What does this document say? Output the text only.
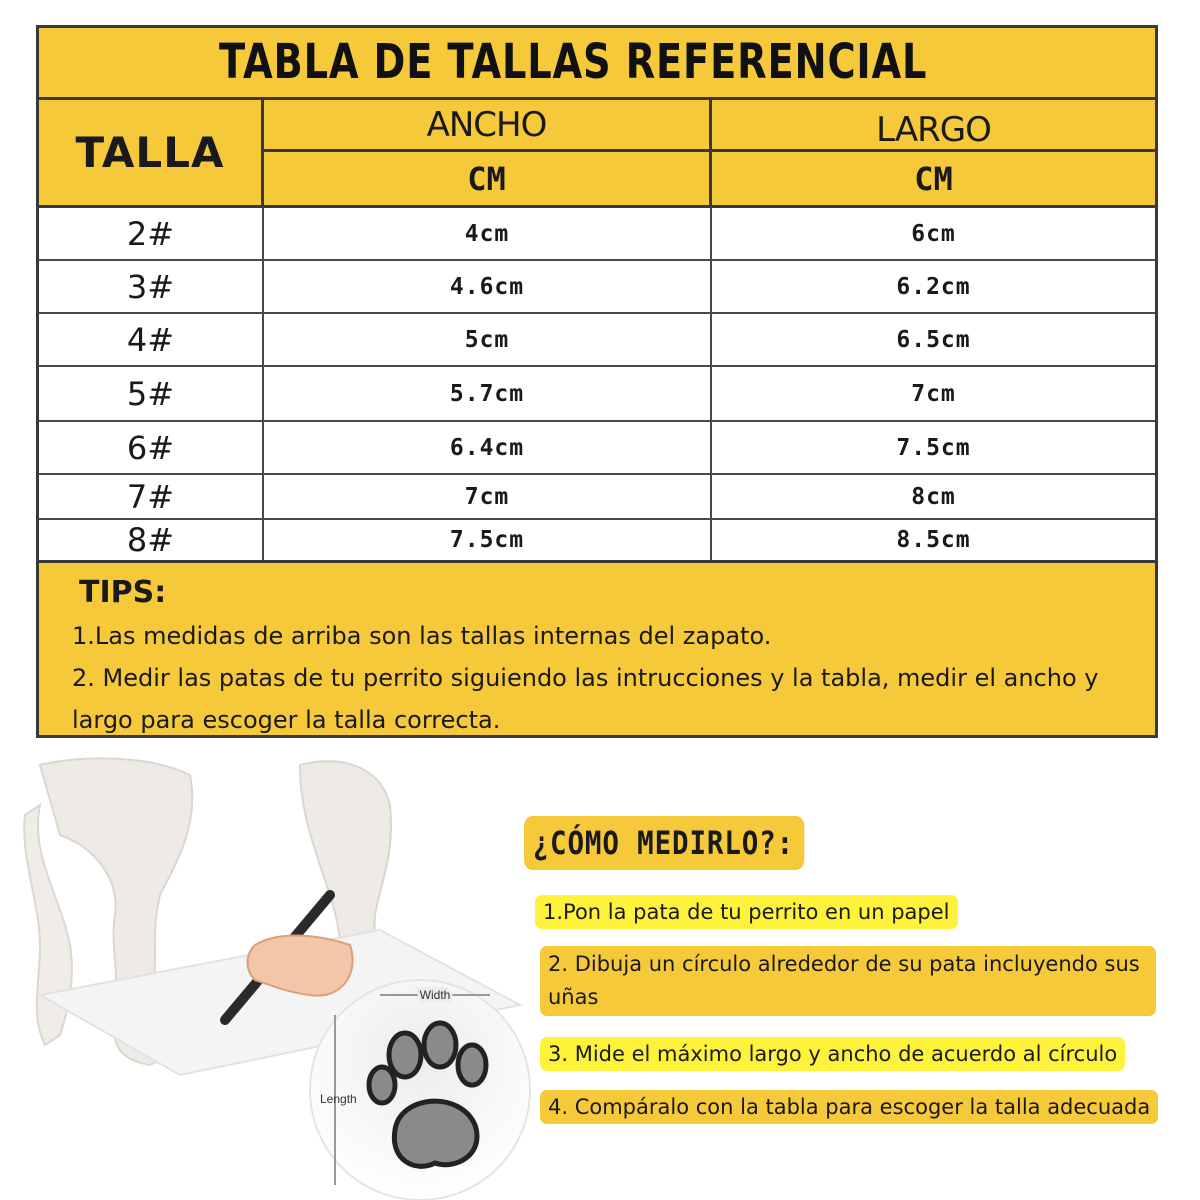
TABLA DE TALLAS REFERENCIAL
TALLA
ANCHO
CM
LARGO
CM
2#	4cm	6cm
3#	4.6cm	6.2cm
4#	5cm	6.5cm
5#	5.7cm	7cm
6#	6.4cm	7.5cm
7#	7cm	8cm
8#	7.5cm	8.5cm
TIPS:
1.Las medidas de arriba son las tallas internas del zapato.
2. Medir las patas de tu perrito siguiendo las intrucciones y la tabla, medir el ancho y largo para escoger la talla correcta.
Width
Length
¿CÓMO MEDIRLO?:
1.Pon la pata de tu perrito en un papel
2. Dibuja un círculo alrededor de su pata incluyendo sus uñas
3. Mide el máximo largo y ancho de acuerdo al círculo
4. Compáralo con la tabla para escoger la talla adecuada
